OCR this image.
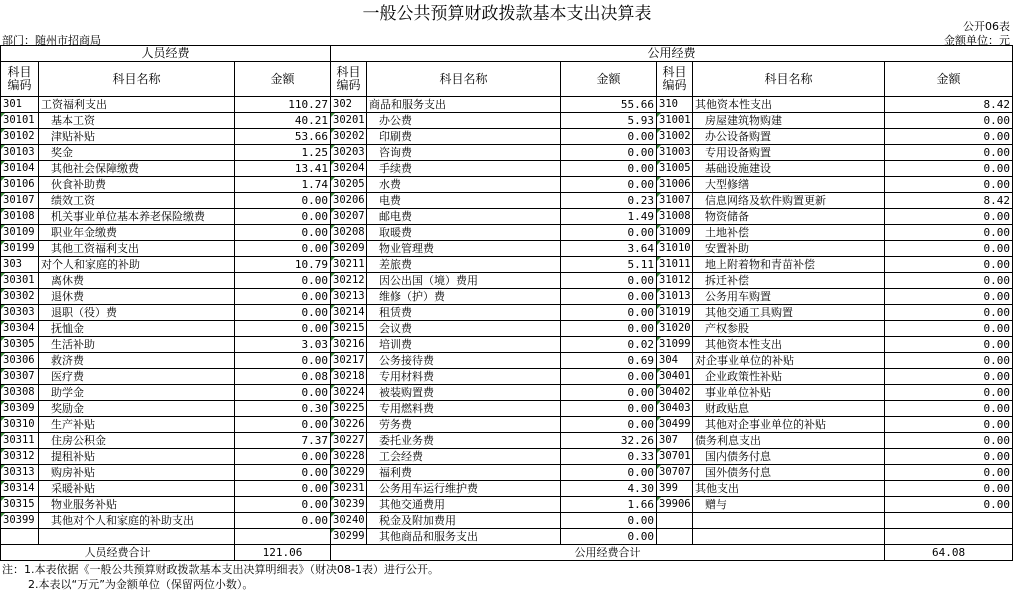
一般公共预算财政拨款基本支出决算表
公开06表
部门：随州市招商局	金额单位：元
人员经费			公用经费					
科目编码	科目名称	金额	科目编码	科目名称	金额	科目编码	科目名称	金额
301	工资福利支出	110.27	302	商品和服务支出	55.66	310	其他资本性支出	8.42
30101	基本工资	40.21	30201	办公费	5.93	31001	房屋建筑物购建	0.00
30102	津贴补贴	53.66	30202	印刷费	0.00	31002	办公设备购置	0.00
30103	奖金	1.25	30203	咨询费	0.00	31003	专用设备购置	0.00
30104	其他社会保障缴费	13.41	30204	手续费	0.00	31005	基础设施建设	0.00
30106	伙食补助费	1.74	30205	水费	0.00	31006	大型修缮	0.00
30107	绩效工资	0.00	30206	电费	0.23	31007	信息网络及软件购置更新	8.42
30108	机关事业单位基本养老保险缴费	0.00	30207	邮电费	1.49	31008	物资储备	0.00
30109	职业年金缴费	0.00	30208	取暖费	0.00	31009	土地补偿	0.00
30199	其他工资福利支出	0.00	30209	物业管理费	3.64	31010	安置补助	0.00
303	对个人和家庭的补助	10.79	30211	差旅费	5.11	31011	地上附着物和青苗补偿	0.00
30301	离休费	0.00	30212	因公出国（境）费用	0.00	31012	拆迁补偿	0.00
30302	退休费	0.00	30213	维修（护）费	0.00	31013	公务用车购置	0.00
30303	退职（役）费	0.00	30214	租赁费	0.00	31019	其他交通工具购置	0.00
30304	抚恤金	0.00	30215	会议费	0.00	31020	产权参股	0.00
30305	生活补助	3.03	30216	培训费	0.02	31099	其他资本性支出	0.00
30306	救济费	0.00	30217	公务接待费	0.69	304	对企事业单位的补贴	0.00
30307	医疗费	0.08	30218	专用材料费	0.00	30401	企业政策性补贴	0.00
30308	助学金	0.00	30224	被装购置费	0.00	30402	事业单位补贴	0.00
30309	奖励金	0.30	30225	专用燃料费	0.00	30403	财政贴息	0.00
30310	生产补贴	0.00	30226	劳务费	0.00	30499	其他对企事业单位的补贴	0.00
30311	住房公积金	7.37	30227	委托业务费	32.26	307	债务利息支出	0.00
30312	提租补贴	0.00	30228	工会经费	0.33	30701	国内债务付息	0.00
30313	购房补贴	0.00	30229	福利费	0.00	30707	国外债务付息	0.00
30314	采暖补贴	0.00	30231	公务用车运行维护费	4.30	399	其他支出	0.00
30315	物业服务补贴	0.00	30239	其他交通费用	1.66	39906	赠与	0.00
30399	其他对个人和家庭的补助支出	0.00	30240	税金及附加费用	0.00			
			30299	其他商品和服务支出	0.00			
人员经费合计		121.06	公用经费合计					64.08
注：1.本表依据《一般公共预算财政拨款基本支出决算明细表》（财决08-1表）进行公开。
2.本表以“万元”为金额单位（保留两位小数）。
